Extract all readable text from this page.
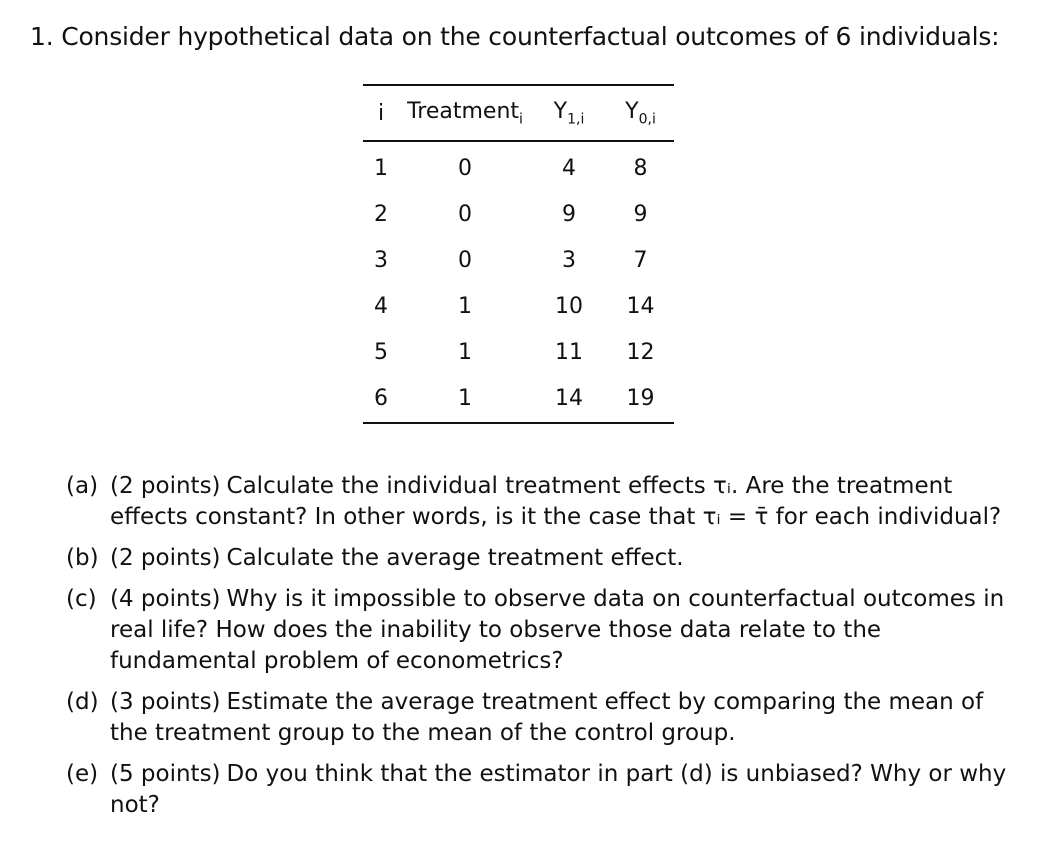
1. Consider hypothetical data on the counterfactual outcomes of 6 individuals:
i	Treatment$_i$	$Y_{1,i}$	$Y_{0,i}$
1	0	4	8
2	0	9	9
3	0	3	7
4	1	10	14
5	1	11	12
6	1	14	19
(a) (2 points) Calculate the individual treatment effects τᵢ. Are the treatment effects constant? In other words, is it the case that τᵢ = τ̄ for each individual?
(b) (2 points) Calculate the average treatment effect.
(c) (4 points) Why is it impossible to observe data on counterfactual outcomes in real life? How does the inability to observe those data relate to the fundamental problem of econometrics?
(d) (3 points) Estimate the average treatment effect by comparing the mean of the treatment group to the mean of the control group.
(e) (5 points) Do you think that the estimator in part (d) is unbiased? Why or why not?
